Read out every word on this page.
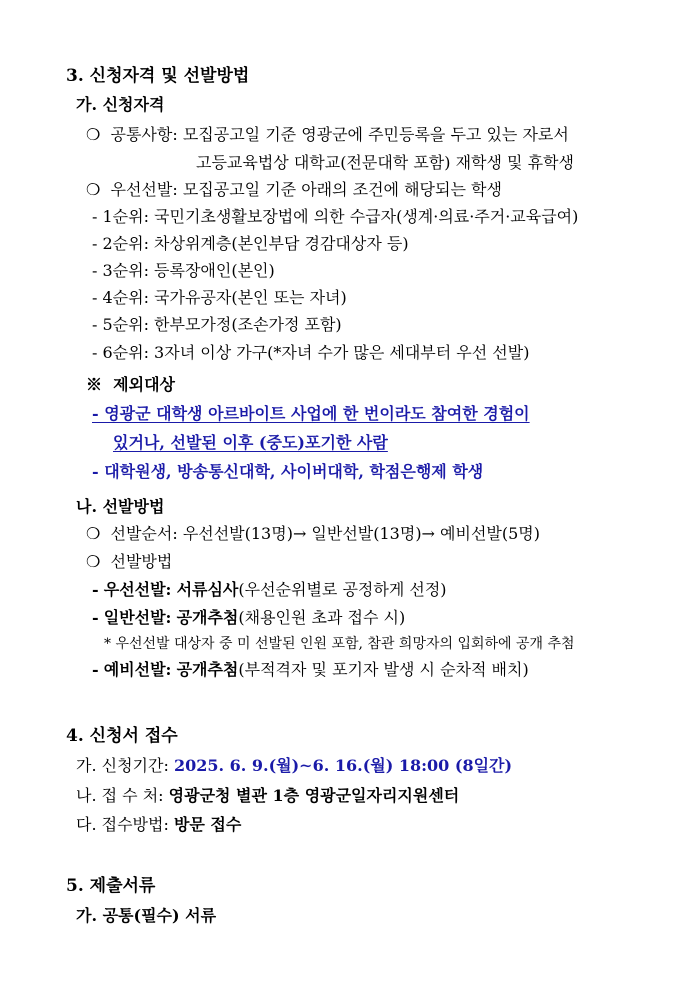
3. 신청자격 및 선발방법
가. 신청자격
❍ 공통사항: 모집공고일 기준 영광군에 주민등록을 두고 있는 자로서
고등교육법상 대학교(전문대학 포함) 재학생 및 휴학생
❍ 우선선발: 모집공고일 기준 아래의 조건에 해당되는 학생
- 1순위: 국민기초생활보장법에 의한 수급자(생계·의료·주거·교육급여)
- 2순위: 차상위계층(본인부담 경감대상자 등)
- 3순위: 등록장애인(본인)
- 4순위: 국가유공자(본인 또는 자녀)
- 5순위: 한부모가정(조손가정 포함)
- 6순위: 3자녀 이상 가구(*자녀 수가 많은 세대부터 우선 선발)
※ 제외대상
- 영광군 대학생 아르바이트 사업에 한 번이라도 참여한 경험이
있거나, 선발된 이후 (중도)포기한 사람
- 대학원생, 방송통신대학, 사이버대학, 학점은행제 학생
나. 선발방법
❍ 선발순서: 우선선발(13명)→ 일반선발(13명)→ 예비선발(5명)
❍ 선발방법
- 우선선발: 서류심사(우선순위별로 공정하게 선정)
- 일반선발: 공개추첨(채용인원 초과 접수 시)
* 우선선발 대상자 중 미 선발된 인원 포함, 참관 희망자의 입회하에 공개 추첨
- 예비선발: 공개추첨(부적격자 및 포기자 발생 시 순차적 배치)
4. 신청서 접수
가. 신청기간: 2025. 6. 9.(월)∼6. 16.(월) 18:00 (8일간)
나. 접 수 처: 영광군청 별관 1층 영광군일자리지원센터
다. 접수방법: 방문 접수
5. 제출서류
가. 공통(필수) 서류
